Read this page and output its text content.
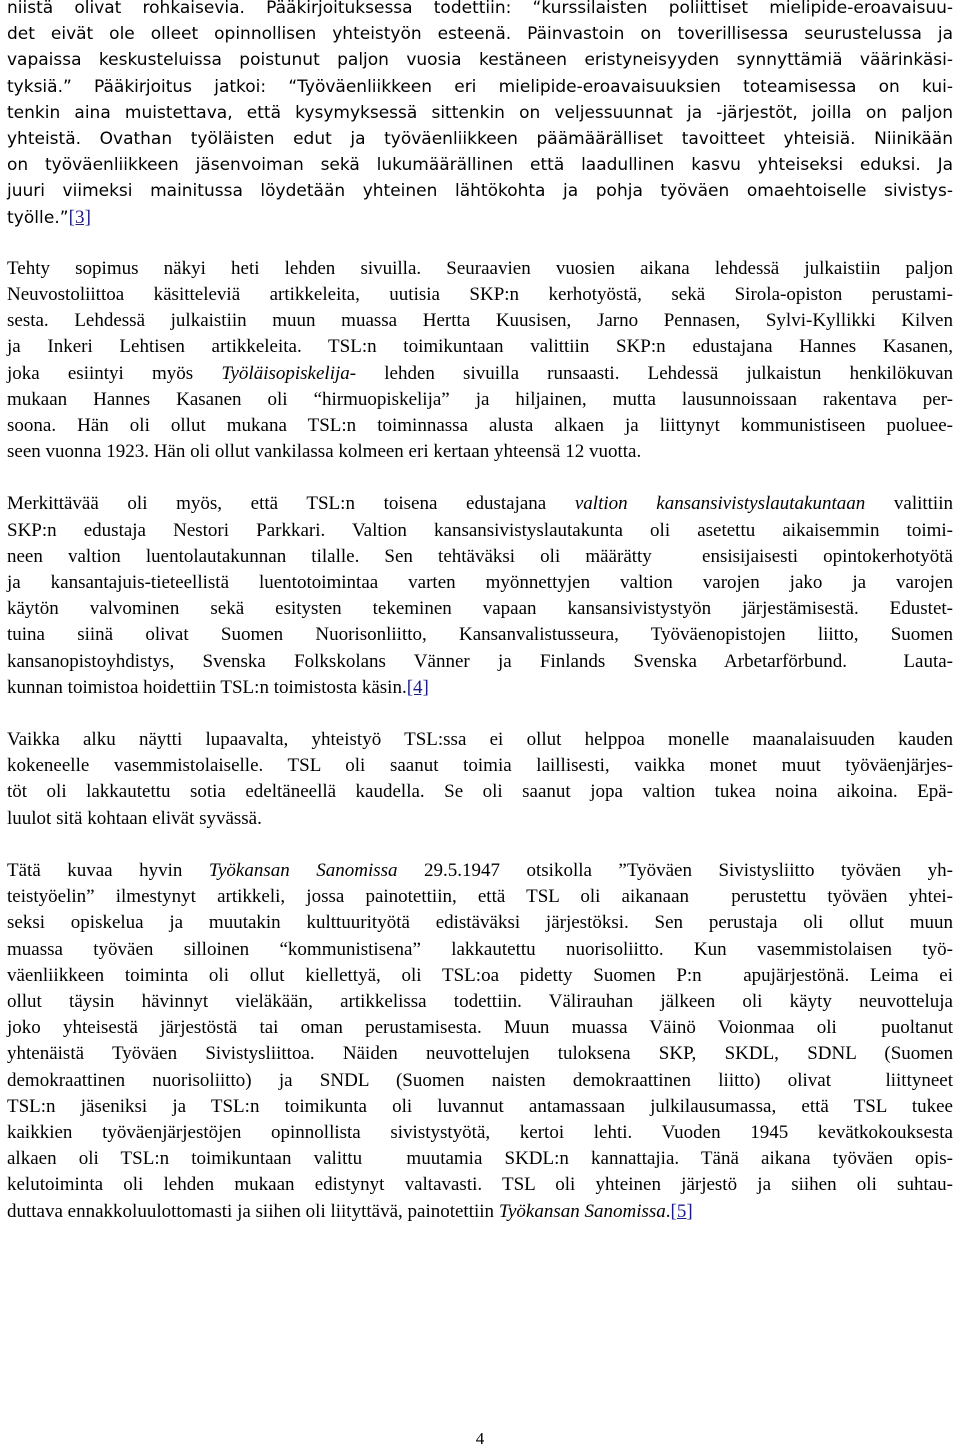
niistä olivat rohkaisevia. Pääkirjoituksessa todettiin: “kurssilaisten poliittiset mielipide-eroavaisuu-
det eivät ole olleet opinnollisen yhteistyön esteenä. Päinvastoin on toverillisessa seurustelussa ja
vapaissa keskusteluissa poistunut paljon vuosia kestäneen eristyneisyyden synnyttämiä väärinkäsi-
tyksiä.” Pääkirjoitus jatkoi: “Työväenliikkeen eri mielipide-eroavaisuuksien toteamisessa on kui-
tenkin aina muistettava, että kysymyksessä sittenkin on veljessuunnat ja -järjestöt, joilla on paljon
yhteistä. Ovathan työläisten edut ja työväenliikkeen päämäärälliset tavoitteet yhteisiä. Niinikään
on työväenliikkeen jäsenvoiman sekä lukumäärällinen että laadullinen kasvu yhteiseksi eduksi. Ja
juuri viimeksi mainitussa löydetään yhteinen lähtökohta ja pohja työväen omaehtoiselle sivistys-
työlle.”[3]
Tehty sopimus näkyi heti lehden sivuilla. Seuraavien vuosien aikana lehdessä julkaistiin paljon
Neuvostoliittoa käsitteleviä artikkeleita, uutisia SKP:n kerhotyöstä, sekä Sirola-opiston perustami-
sesta. Lehdessä julkaistiin muun muassa Hertta Kuusisen, Jarno Pennasen, Sylvi-Kyllikki Kilven
ja Inkeri Lehtisen artikkeleita. TSL:n toimikuntaan valittiin SKP:n edustajana Hannes Kasanen,
joka esiintyi myös Työläisopiskelija- lehden sivuilla runsaasti. Lehdessä julkaistun henkilökuvan
mukaan Hannes Kasanen oli “hirmuopiskelija” ja hiljainen, mutta lausunnoissaan rakentava per-
soona. Hän oli ollut mukana TSL:n toiminnassa alusta alkaen ja liittynyt kommunistiseen puoluee-
seen vuonna 1923. Hän oli ollut vankilassa kolmeen eri kertaan yhteensä 12 vuotta.
Merkittävää oli myös, että TSL:n toisena edustajana valtion kansansivistyslautakuntaan valittiin
SKP:n edustaja Nestori Parkkari. Valtion kansansivistyslautakunta oli asetettu aikaisemmin toimi-
neen valtion luentolautakunnan tilalle. Sen tehtäväksi oli määrätty  ensisijaisesti opintokerhotyötä
ja kansantajuis-tieteellistä luentotoimintaa varten myönnettyjen valtion varojen jako ja varojen
käytön valvominen sekä esitysten tekeminen vapaan kansansivistystyön järjestämisestä. Edustet-
tuina siinä olivat Suomen Nuorisonliitto, Kansanvalistusseura, Työväenopistojen liitto, Suomen
kansanopistoyhdistys, Svenska Folkskolans Vänner ja Finlands Svenska Arbetarförbund.  Lauta-
kunnan toimistoa hoidettiin TSL:n toimistosta käsin.[4]
Vaikka alku näytti lupaavalta, yhteistyö TSL:ssa ei ollut helppoa monelle maanalaisuuden kauden
kokeneelle vasemmistolaiselle. TSL oli saanut toimia laillisesti, vaikka monet muut työväenjärjes-
töt oli lakkautettu sotia edeltäneellä kaudella. Se oli saanut jopa valtion tukea noina aikoina. Epä-
luulot sitä kohtaan elivät syvässä.
Tätä kuvaa hyvin Työkansan Sanomissa 29.5.1947 otsikolla ”Työväen Sivistysliitto työväen yh-
teistyöelin” ilmestynyt artikkeli, jossa painotettiin, että TSL oli aikanaan  perustettu työväen yhtei-
seksi opiskelua ja muutakin kulttuurityötä edistäväksi järjestöksi. Sen perustaja oli ollut muun
muassa työväen silloinen “kommunistisena” lakkautettu nuorisoliitto. Kun vasemmistolaisen työ-
väenliikkeen toiminta oli ollut kiellettyä, oli TSL:oa pidetty Suomen P:n  apujärjestönä. Leima ei
ollut täysin hävinnyt vieläkään, artikkelissa todettiin. Välirauhan jälkeen oli käyty neuvotteluja
joko yhteisestä järjestöstä tai oman perustamisesta. Muun muassa Väinö Voionmaa oli  puoltanut
yhtenäistä Työväen Sivistysliittoa. Näiden neuvottelujen tuloksena SKP, SKDL, SDNL (Suomen
demokraattinen nuorisoliitto) ja SNDL (Suomen naisten demokraattinen liitto) olivat  liittyneet
TSL:n jäseniksi ja TSL:n toimikunta oli luvannut antamassaan julkilausumassa, että TSL tukee
kaikkien työväenjärjestöjen opinnollista sivistystyötä, kertoi lehti. Vuoden 1945 kevätkokouksesta
alkaen oli TSL:n toimikuntaan valittu  muutamia SKDL:n kannattajia. Tänä aikana työväen opis-
kelutoiminta oli lehden mukaan edistynyt valtavasti. TSL oli yhteinen järjestö ja siihen oli suhtau-
duttava ennakkoluulottomasti ja siihen oli liityttävä, painotettiin Työkansan Sanomissa.[5]
4
